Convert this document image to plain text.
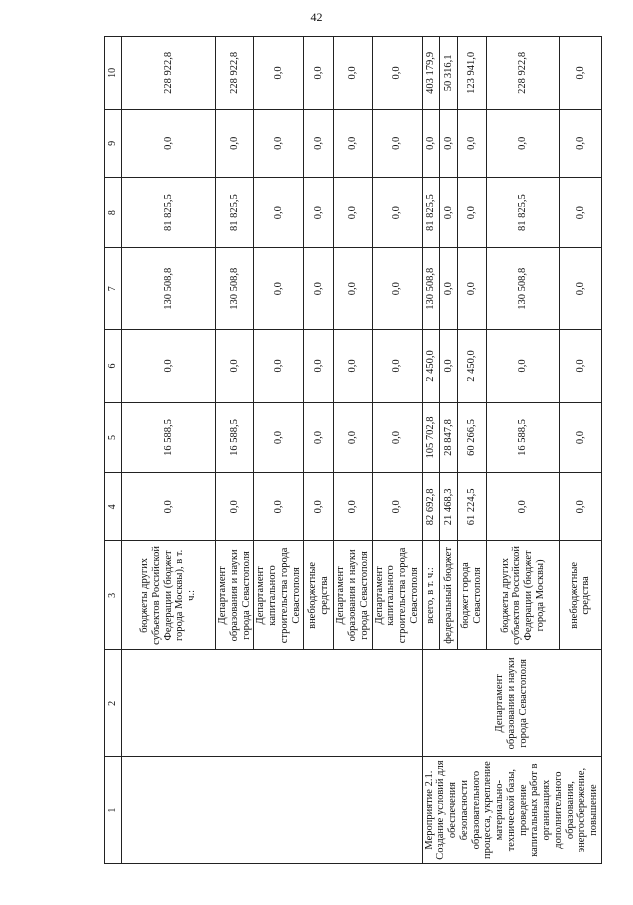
42
1	2	3	4	5	6	7	8	9	10
		бюджеты других субъектов Российской Федерации (бюджет города Москвы), в т. ч.:	0,0	16 588,5	0,0	130 508,8	81 825,5	0,0	228 922,8
		Департамент образования и науки города Севастополя	0,0	16 588,5	0,0	130 508,8	81 825,5	0,0	228 922,8
		Департамент капитального строительства города Севастополя	0,0	0,0	0,0	0,0	0,0	0,0	0,0
		внебюджетные средства	0,0	0,0	0,0	0,0	0,0	0,0	0,0
		Департамент образования и науки города Севастополя	0,0	0,0	0,0	0,0	0,0	0,0	0,0
		Департамент капитального строительства города Севастополя	0,0	0,0	0,0	0,0	0,0	0,0	0,0
Мероприятие 2.1. Создание условий для обеспечения безопасности образовательного процесса, укрепление материально-технической базы, проведение капитальных работ в организациях дополнительного образования, энергосбережение, повышение	Департамент образования и науки города Севастополя	всего, в т. ч.:	82 692,8	105 702,8	2 450,0	130 508,8	81 825,5	0,0	403 179,9
		федеральный бюджет	21 468,3	28 847,8	0,0	0,0	0,0	0,0	50 316,1
		бюджет города Севастополя	61 224,5	60 266,5	2 450,0	0,0	0,0	0,0	123 941,0
		бюджеты других субъектов Российской Федерации (бюджет города Москвы)	0,0	16 588,5	0,0	130 508,8	81 825,5	0,0	228 922,8
		внебюджетные средства	0,0	0,0	0,0	0,0	0,0	0,0	0,0
